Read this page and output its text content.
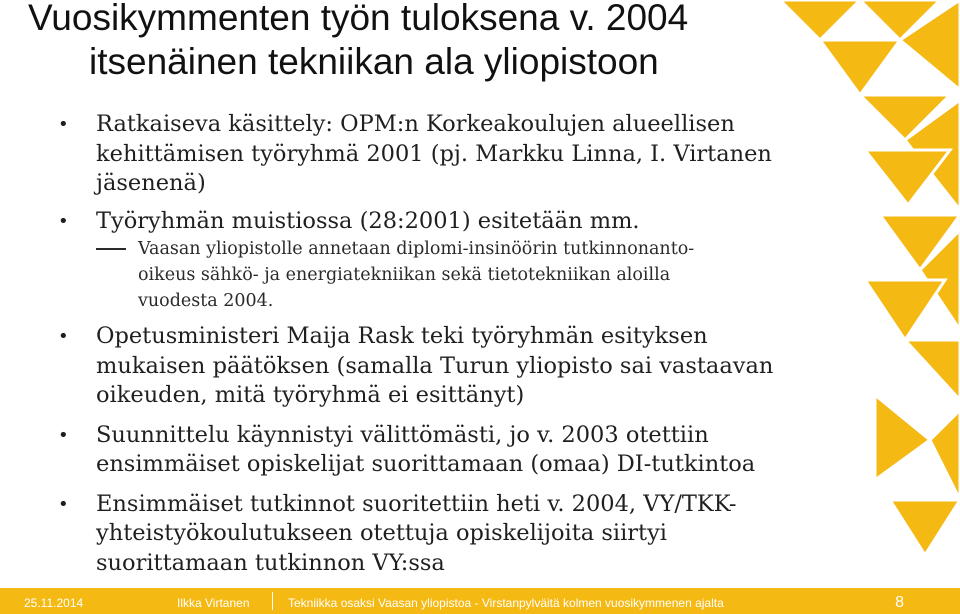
Vuosikymmenten työn tuloksena v. 2004
itsenäinen tekniikan ala yliopistoon
• Ratkaiseva käsittely: OPM:n Korkeakoulujen alueellisen
kehittämisen työryhmä 2001 (pj. Markku Linna, I. Virtanen
jäsenenä)
• Työryhmän muistiossa (28:2001) esitetään mm.
Vaasan yliopistolle annetaan diplomi-insinöörin tutkinnonanto-
oikeus sähkö- ja energiatekniikan sekä tietotekniikan aloilla
vuodesta 2004.
• Opetusministeri Maija Rask teki työryhmän esityksen
mukaisen päätöksen (samalla Turun yliopisto sai vastaavan
oikeuden, mitä työryhmä ei esittänyt)
• Suunnittelu käynnistyi välittömästi, jo v. 2003 otettiin
ensimmäiset opiskelijat suorittamaan (omaa) DI-tutkintoa
• Ensimmäiset tutkinnot suoritettiin heti v. 2004, VY/TKK-
yhteistyökoulutukseen otettuja opiskelijoita siirtyi
suorittamaan tutkinnon VY:ssa
25.11.2014	Ilkka Virtanen	Tekniikka osaksi Vaasan yliopistoa - Virstanpylväitä kolmen vuosikymmenen ajalta	8
